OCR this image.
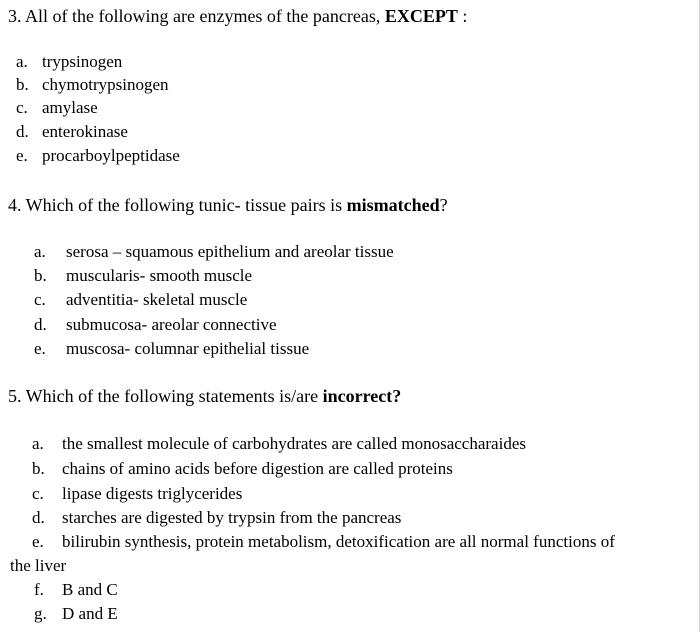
3. All of the following are enzymes of the pancreas, EXCEPT :
a. trypsinogen
b. chymotrypsinogen
c. amylase
d. enterokinase
e. procarboylpeptidase
4. Which of the following tunic- tissue pairs is mismatched?
a. serosa – squamous epithelium and areolar tissue
b. muscularis- smooth muscle
c. adventitia- skeletal muscle
d. submucosa- areolar connective
e. muscosa- columnar epithelial tissue
5. Which of the following statements is/are incorrect?
a. the smallest molecule of carbohydrates are called monosaccharaides
b. chains of amino acids before digestion are called proteins
c. lipase digests triglycerides
d. starches are digested by trypsin from the pancreas
e. bilirubin synthesis, protein metabolism, detoxification are all normal functions of
the liver
f. B and C
g. D and E
